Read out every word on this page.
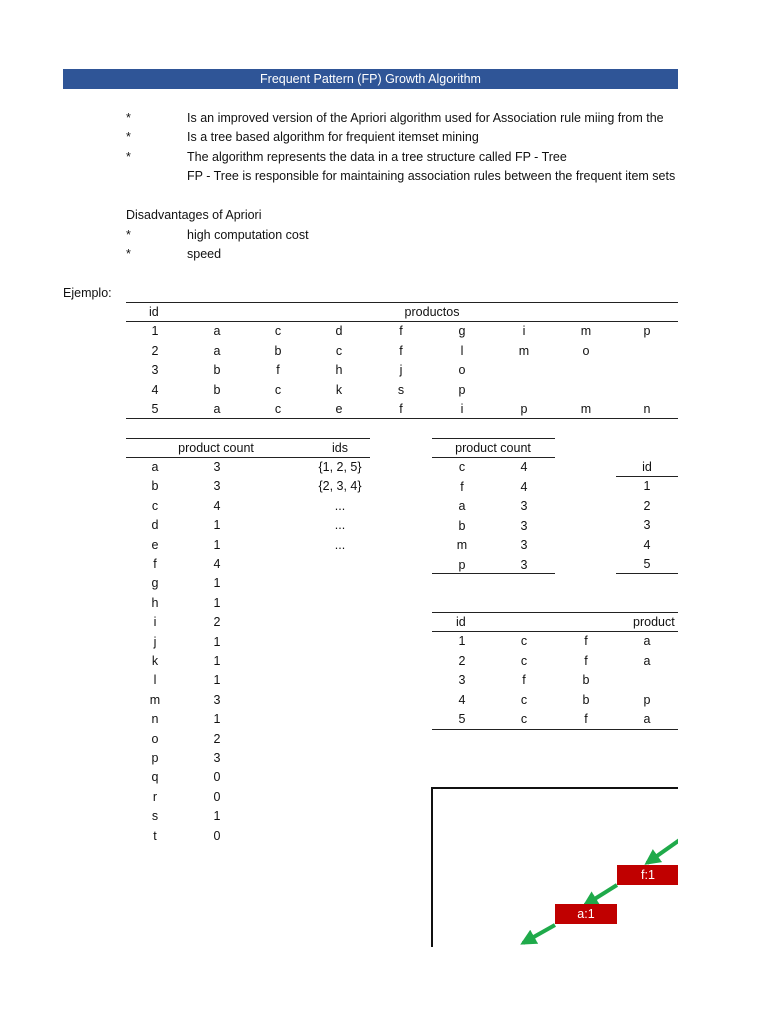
Frequent Pattern (FP) Growth Algorithm
*	Is an improved version of the Apriori algorithm used for Association rule miing from the
*	Is a tree based algorithm for frequient itemset mining
*	The algorithm represents the data in a tree structure called FP - Tree
FP - Tree is responsible for maintaining association rules between the frequent item sets
Disadvantages of Apriori
*	high computation cost
*	speed
Ejemplo:
id	productos
1	a	c	d	f	g	i	m	p
2	a	b	c	f	l	m	o
3	b	f	h	j	o
4	b	c	k	s	p
5	a	c	e	f	i	p	m	n
product count	ids
a	3	{1, 2, 5}
b	3	{2, 3, 4}
c	4	...
d	1	...
e	1	...
f	4
g	1
h	1
i	2
j	1
k	1
l	1
m	3
n	1
o	2
p	3
q	0
r	0
s	1
t	0
product count
c	4
f	4
a	3
b	3
m	3
p	3
id
1
2
3
4
5
id	product
1	c	f	a
2	c	f	a
3	f	b
4	c	b	p
5	c	f	a
f:1
a:1
